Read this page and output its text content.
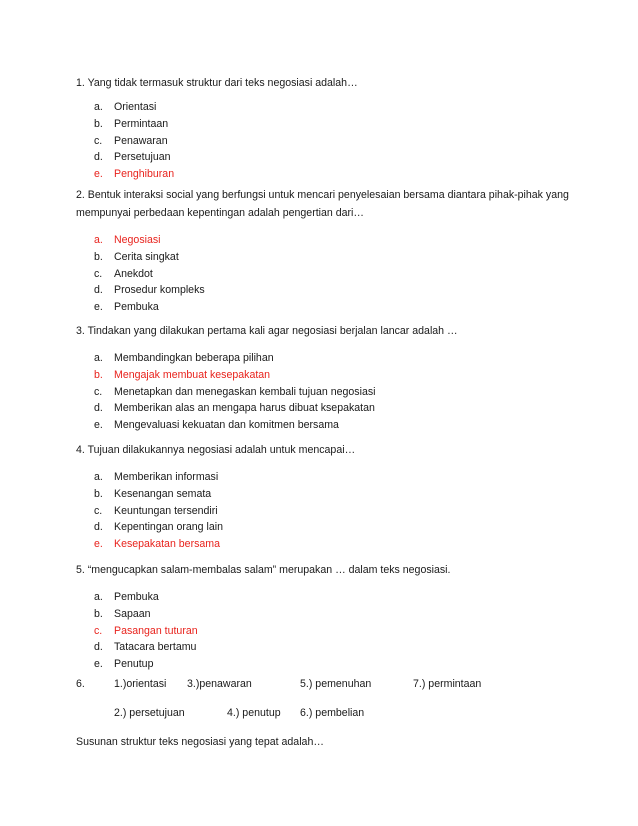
1. Yang tidak termasuk struktur dari teks negosiasi adalah…
a.	Orientasi
b.	Permintaan
c.	Penawaran
d.	Persetujuan
e.	Penghiburan
2. Bentuk interaksi social yang berfungsi untuk mencari penyelesaian bersama diantara pihak-pihak yang mempunyai perbedaan kepentingan adalah pengertian dari…
a.	Negosiasi
b.	Cerita singkat
c.	Anekdot
d.	Prosedur kompleks
e.	Pembuka
3. Tindakan yang dilakukan pertama kali agar negosiasi berjalan lancar adalah …
a.	Membandingkan beberapa pilihan
b.	Mengajak membuat kesepakatan
c.	Menetapkan dan menegaskan kembali tujuan negosiasi
d.	Memberikan alas an mengapa harus dibuat ksepakatan
e.	Mengevaluasi kekuatan dan komitmen bersama
4. Tujuan dilakukannya negosiasi adalah untuk mencapai…
a.	Memberikan informasi
b.	Kesenangan semata
c.	Keuntungan tersendiri
d.	Kepentingan orang lain
e.	Kesepakatan bersama
5. “mengucapkan salam-membalas salam” merupakan … dalam teks negosiasi.
a.	Pembuka
b.	Sapaan
c.	Pasangan tuturan
d.	Tatacara bertamu
e.	Penutup
6.	1.)orientasi 3.)penawaran	5.) pemenuhan	7.) permintaan
2.) persetujuan	4.) penutup 6.) pembelian
Susunan struktur teks negosiasi yang tepat adalah…
